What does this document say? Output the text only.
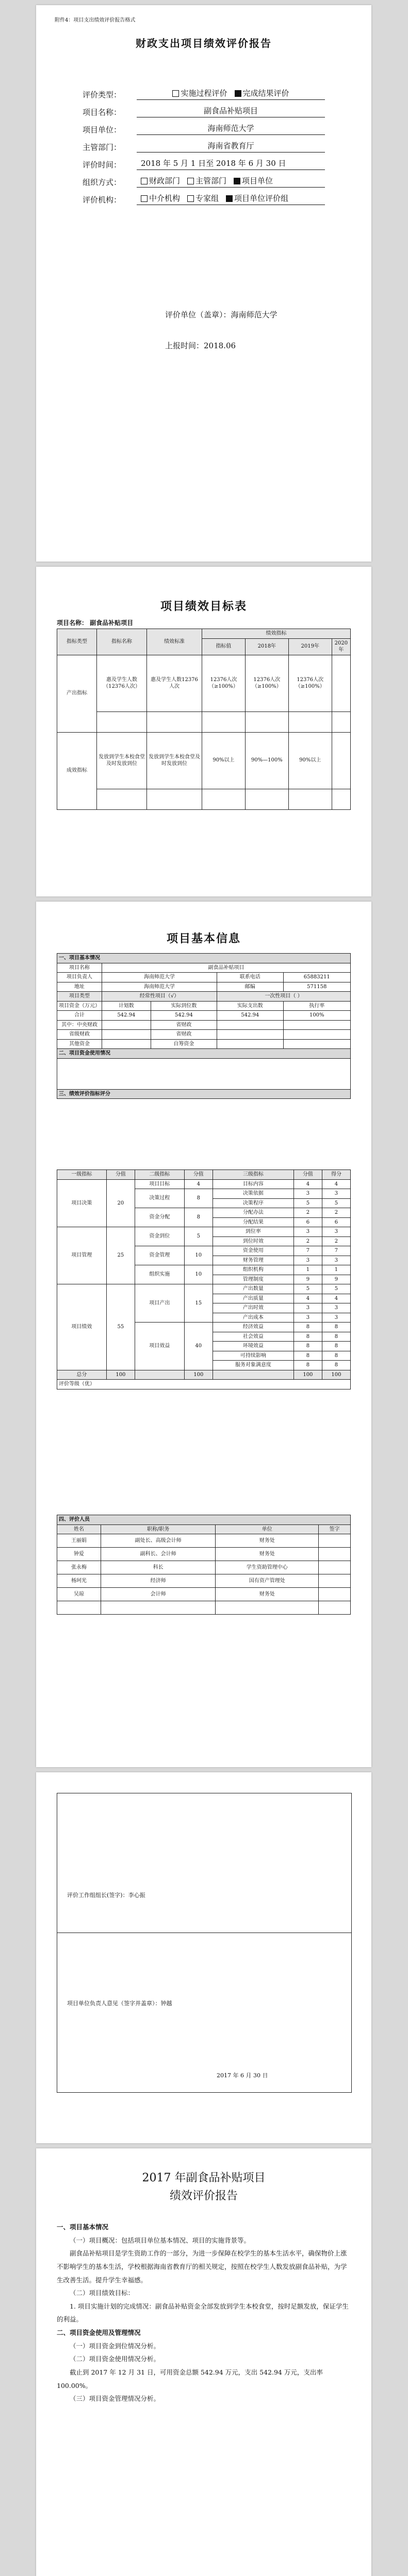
附件4：项目支出绩效评价报告格式
财政支出项目绩效评价报告
评价类型：	实施过程评价 完成结果评价
项目名称：	副食品补贴项目
项目单位：	海南师范大学
主管部门：	海南省教育厅
评价时间：	2018 年 5 月 1 日至 2018 年 6 月 30 日
组织方式：	财政部门 主管部门 项目单位
评价机构：	中介机构 专家组 项目单位评价组
评价单位（盖章）：海南师范大学
上报时间：2018.06
项目绩效目标表
项目名称： 副食品补贴项目
指标类型	指标名称	绩效标准	绩效指标			
			指标值	2018年	2019年	2020年
产出指标	惠及学生人数（12376人次）	惠及学生人数12376人次	12376人次（≥100%）	12376人次（≥100%）	12376人次（≥100%）	

成效指标	发放到学生本校食堂及时发放到位	发放到学生本校食堂及时发放到位	90%以上	90%—100%	90%以上	

项目基本信息
一、项目基本情况				
项目名称	副食品补贴项目			
项目负责人	海南师范大学		联系电话	65883211
地址	海南师范大学		邮编	571158
项目类型	经常性项目（√）		一次性项目（ ）	
项目资金（万元）	计划数	实际到位数	实际支出数	执行率
合计	542.94	542.94	542.94	100%
其中：中央财政		省财政		
省级财政		省财政		
其他资金		自筹资金		
二、项目资金使用情况				

三、绩效评价指标评分				
一级指标	分值	二级指标	分值	三级指标	分值	得分
项目决策	20	项目目标	4	目标内容	4	4
		决策过程	8	决策依据	3	3
				决策程序	5	5
		资金分配	8	分配办法	2	2
				分配结果	6	6
项目管理	25	资金到位	5	到位率	3	3
				到位时效	2	2
		资金管理	10	资金使用	7	7
				财务管理	3	3
		组织实施	10	组织机构	1	1
				管理制度	9	9
项目绩效	55	项目产出	15	产出数量	5	5
				产出质量	4	4
				产出时效	3	3
				产出成本	3	3
		项目效益	40	经济效益	8	8
				社会效益	8	8
				环境效益	8	8
				可持续影响	8	8
				服务对象满意度	8	8
总分	100		100		100	100
评价等级（优）						
四、评价人员			
姓名	职称/职务	单位	签字
王丽娟	副处长、高级会计师	财务处	
钟爱	副科长、会计师	财务处	
张永梅	科长	学生资助管理中心	
杨珂光	经济师	国有资产管理处	
吴琼	会计师	财务处	

评价工作组组长(签字)：李心振
项目单位负责人意见（签字并盖章）：钟越
2017 年 6 月 30 日
2017 年副食品补贴项目
绩效评价报告

一、项目基本情况

（一）项目概况：包括项目单位基本情况、项目的实施背景等。

副食品补贴项目是学生资助工作的一部分，为进一步保障在校学生的基本生活水平，确保物价上涨不影响学生的基本生活，学校根据海南省教育厅的相关规定，按照在校学生人数发放副食品补贴，为学生改善生活。提升学生幸福感。

（二）项目绩效目标：

1. 项目实施计划的完成情况：副食品补贴资金全部发放到学生本校食堂，按时足额发放，保证学生的利益。

二、项目资金使用及管理情况

（一）项目资金到位情况分析。

（二）项目资金使用情况分析。

截止到 2017 年 12 月 31 日，可用资金总额 542.94 万元，支出 542.94 万元，支出率 100.00%。

（三）项目资金管理情况分析。
